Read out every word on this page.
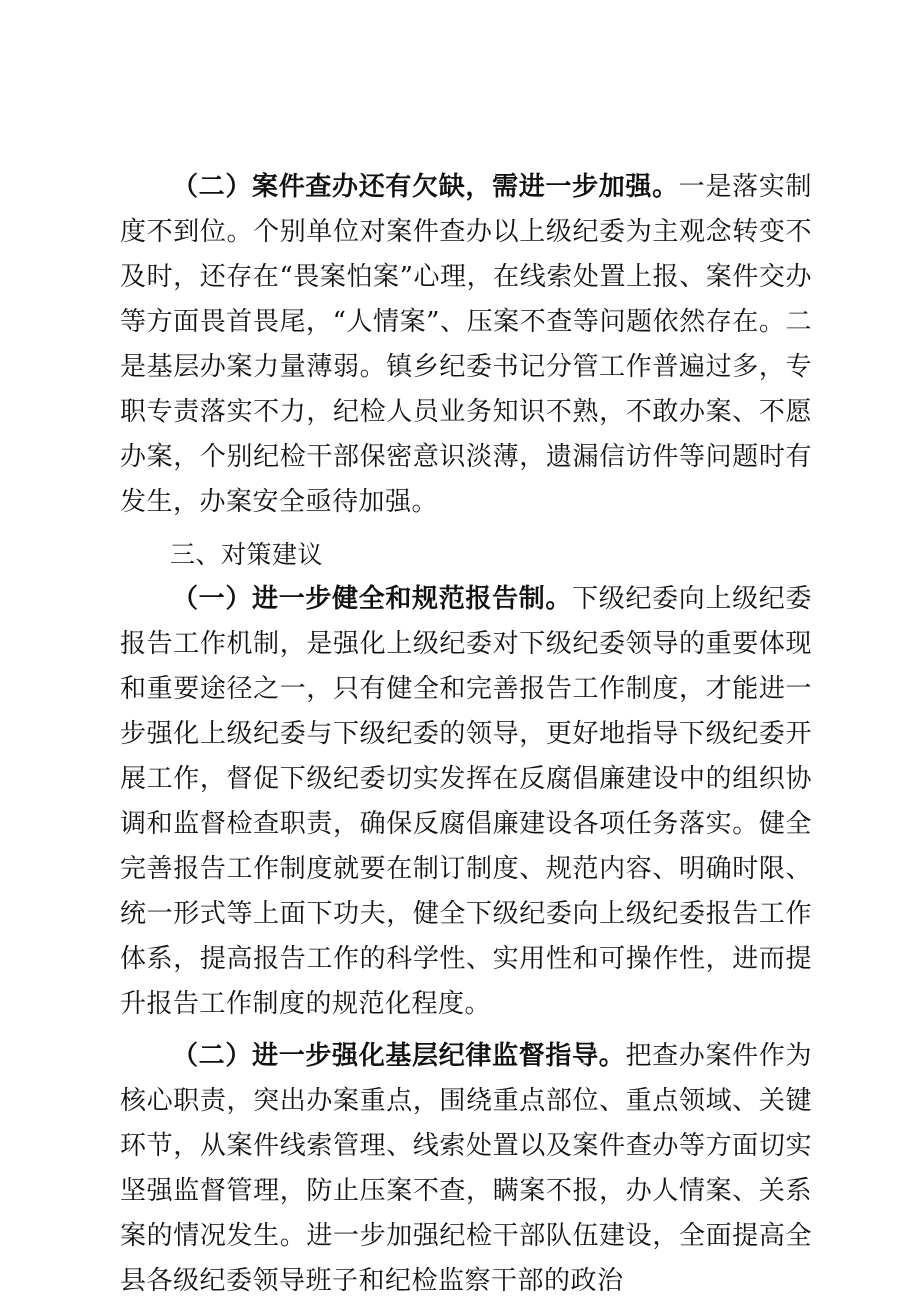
（二）案件查办还有欠缺，需进一步加强。一是落实制度不到位。个别单位对案件查办以上级纪委为主观念转变不及时，还存在“畏案怕案”心理，在线索处置上报、案件交办等方面畏首畏尾，“人情案”、压案不查等问题依然存在。二是基层办案力量薄弱。镇乡纪委书记分管工作普遍过多，专职专责落实不力，纪检人员业务知识不熟，不敢办案、不愿办案，个别纪检干部保密意识淡薄，遗漏信访件等问题时有发生，办案安全亟待加强。

三、对策建议

（一）进一步健全和规范报告制。下级纪委向上级纪委报告工作机制，是强化上级纪委对下级纪委领导的重要体现和重要途径之一，只有健全和完善报告工作制度，才能进一步强化上级纪委与下级纪委的领导，更好地指导下级纪委开展工作，督促下级纪委切实发挥在反腐倡廉建设中的组织协调和监督检查职责，确保反腐倡廉建设各项任务落实。健全完善报告工作制度就要在制订制度、规范内容、明确时限、统一形式等上面下功夫，健全下级纪委向上级纪委报告工作体系，提高报告工作的科学性、实用性和可操作性，进而提升报告工作制度的规范化程度。

（二）进一步强化基层纪律监督指导。把查办案件作为核心职责，突出办案重点，围绕重点部位、重点领域、关键环节，从案件线索管理、线索处置以及案件查办等方面切实坚强监督管理，防止压案不查，瞒案不报，办人情案、关系案的情况发生。进一步加强纪检干部队伍建设，全面提高全县各级纪委领导班子和纪检监察干部的政治
